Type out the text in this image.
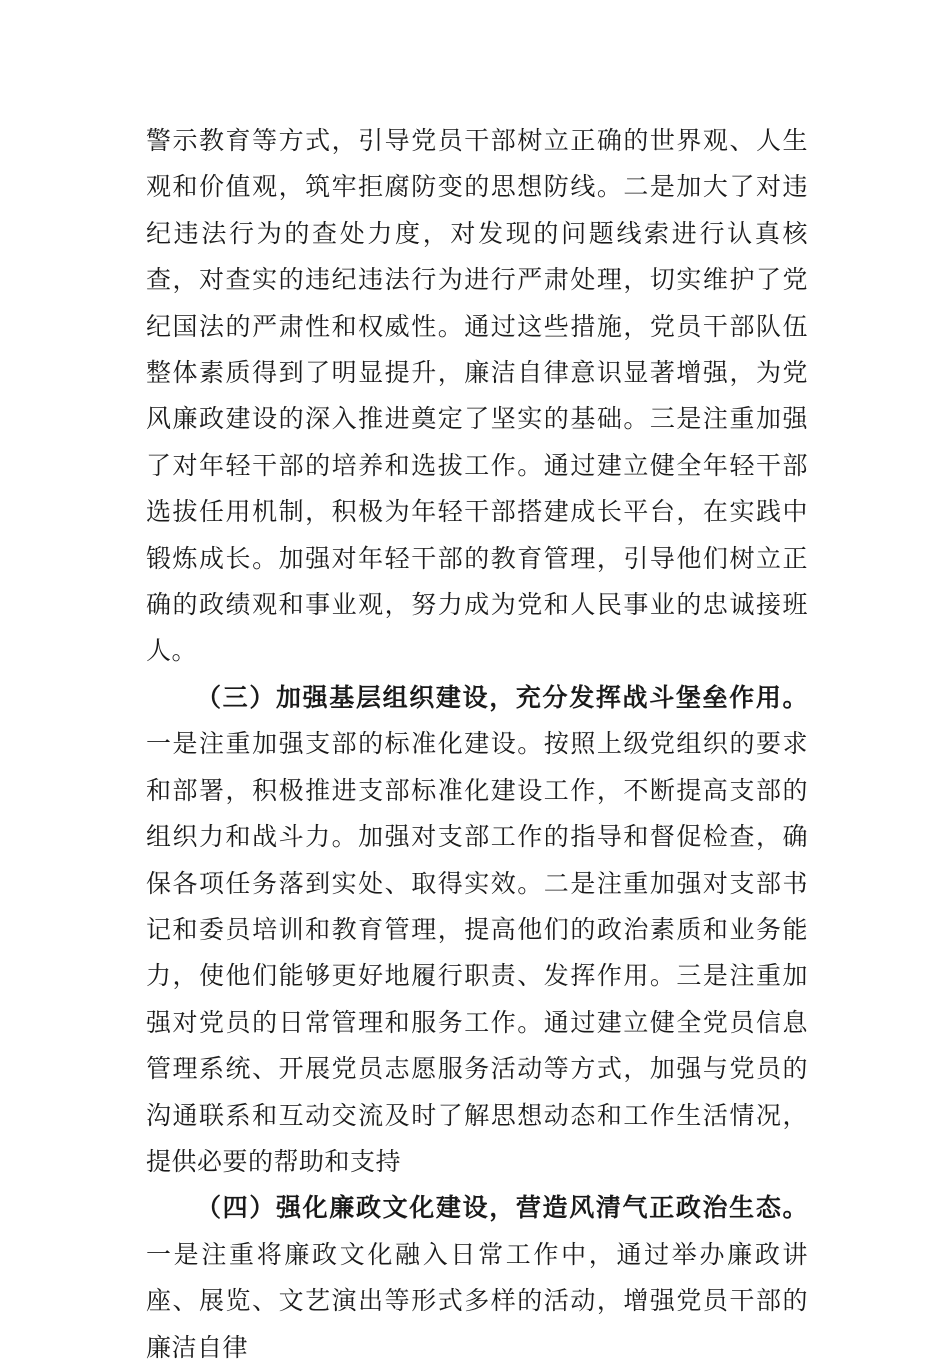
警示教育等方式，引导党员干部树立正确的世界观、人生观和价值观，筑牢拒腐防变的思想防线。二是加大了对违纪违法行为的查处力度，对发现的问题线索进行认真核查，对查实的违纪违法行为进行严肃处理，切实维护了党纪国法的严肃性和权威性。通过这些措施，党员干部队伍整体素质得到了明显提升，廉洁自律意识显著增强，为党风廉政建设的深入推进奠定了坚实的基础。三是注重加强了对年轻干部的培养和选拔工作。通过建立健全年轻干部选拔任用机制，积极为年轻干部搭建成长平台，在实践中锻炼成长。加强对年轻干部的教育管理，引导他们树立正确的政绩观和事业观，努力成为党和人民事业的忠诚接班人。

（三）加强基层组织建设，充分发挥战斗堡垒作用。一是注重加强支部的标准化建设。按照上级党组织的要求和部署，积极推进支部标准化建设工作，不断提高支部的组织力和战斗力。加强对支部工作的指导和督促检查，确保各项任务落到实处、取得实效。二是注重加强对支部书记和委员培训和教育管理，提高他们的政治素质和业务能力，使他们能够更好地履行职责、发挥作用。三是注重加强对党员的日常管理和服务工作。通过建立健全党员信息管理系统、开展党员志愿服务活动等方式，加强与党员的沟通联系和互动交流及时了解思想动态和工作生活情况，提供必要的帮助和支持

（四）强化廉政文化建设，营造风清气正政治生态。一是注重将廉政文化融入日常工作中，通过举办廉政讲座、展览、文艺演出等形式多样的活动，增强党员干部的廉洁自律
